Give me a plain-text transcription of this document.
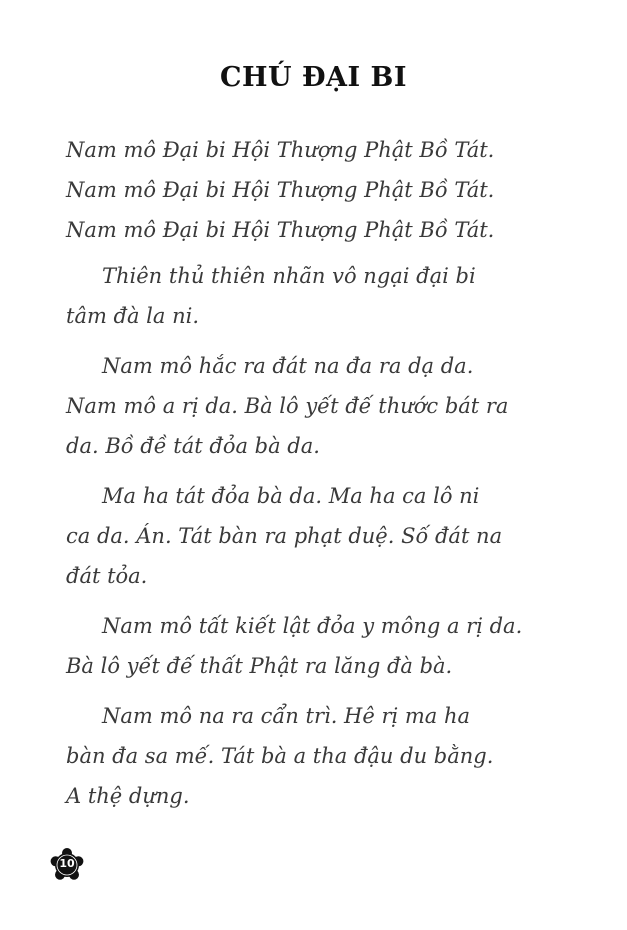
CHÚ ĐẠI BI

Nam mô Đại bi Hội Thượng Phật Bồ Tát.

Nam mô Đại bi Hội Thượng Phật Bồ Tát.

Nam mô Đại bi Hội Thượng Phật Bồ Tát.

Thiên thủ thiên nhãn vô ngại đại bi

tâm đà la ni.

Nam mô hắc ra đát na đa ra dạ da.

Nam mô a rị da. Bà lô yết đế thước bát ra

da. Bồ đề tát đỏa bà da.

Ma ha tát đỏa bà da. Ma ha ca lô ni

ca da. Án. Tát bàn ra phạt duệ. Số đát na

đát tỏa.

Nam mô tất kiết lật đỏa y mông a rị da.

Bà lô yết đế thất Phật ra lăng đà bà.

Nam mô na ra cẩn trì. Hê rị ma ha

bàn đa sa mế. Tát bà a tha đậu du bằng.

A thệ dựng.

10
